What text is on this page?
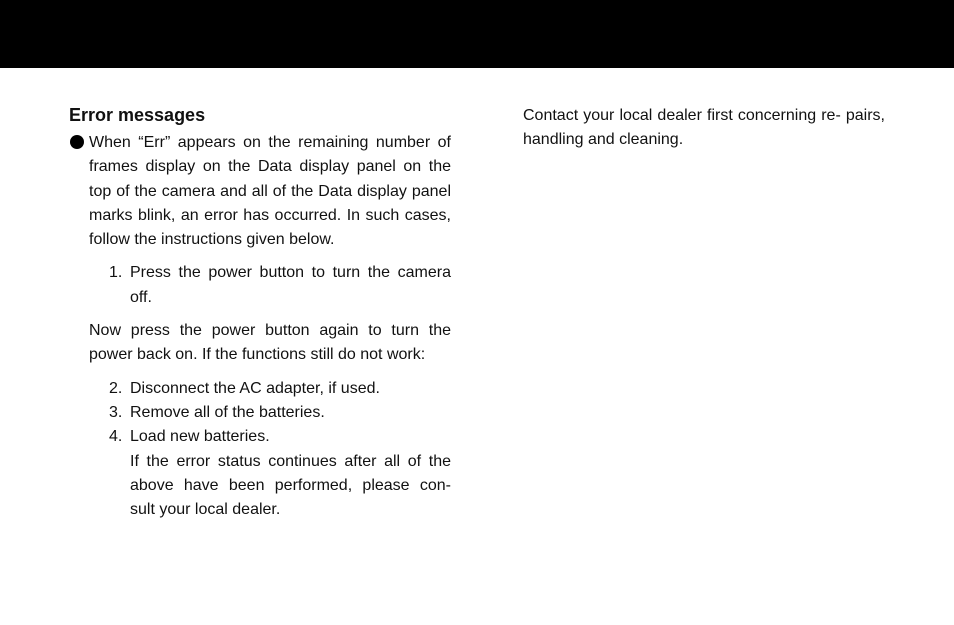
Error messages
When “Err” appears on the remaining number of frames display on the Data display panel on the top of the camera and all of the Data display panel marks blink, an error has occurred. In such cases, follow the instructions given below.
1. Press the power button to turn the camera off.
Now press the power button again to turn the power back on. If the functions still do not work:
2. Disconnect the AC adapter, if used.
3. Remove all of the batteries.
4. Load new batteries.
If the error status continues after all of the above have been performed, please con- sult your local dealer.
Contact your local dealer first concerning re- pairs, handling and cleaning.
